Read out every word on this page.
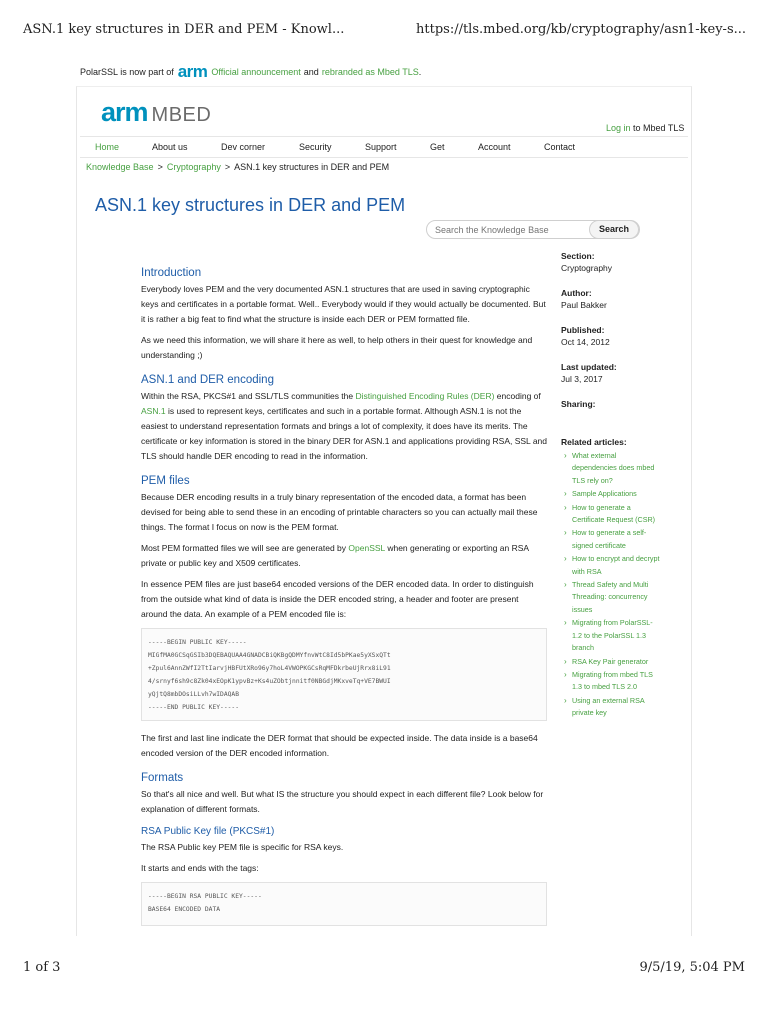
ASN.1 key structures in DER and PEM - Knowl...	https://tls.mbed.org/kb/cryptography/asn1-key-s...
PolarSSL is now part of arm Official announcement and rebranded as Mbed TLS .
arm MBED
Log in to Mbed TLS
Home	About us	Dev corner	Security	Support	Get	Account	Contact
Knowledge Base > Cryptography > ASN.1 key structures in DER and PEM
ASN.1 key structures in DER and PEM
Search the Knowledge Base
Search
Introduction

Everybody loves PEM and the very documented ASN.1 structures that are used in saving cryptographic keys and certificates in a portable format. Well.. Everybody would if they would actually be documented. But it is rather a big feat to find what the structure is inside each DER or PEM formatted file.

As we need this information, we will share it here as well, to help others in their quest for knowledge and understanding ;)

ASN.1 and DER encoding

Within the RSA, PKCS#1 and SSL/TLS communities the Distinguished Encoding Rules (DER) encoding of ASN.1 is used to represent keys, certificates and such in a portable format. Although ASN.1 is not the easiest to understand representation formats and brings a lot of complexity, it does have its merits. The certificate or key information is stored in the binary DER for ASN.1 and applications providing RSA, SSL and TLS should handle DER encoding to read in the information.

PEM files

Because DER encoding results in a truly binary representation of the encoded data, a format has been devised for being able to send these in an encoding of printable characters so you can actually mail these things. The format I focus on now is the PEM format.

Most PEM formatted files we will see are generated by OpenSSL when generating or exporting an RSA private or public key and X509 certificates.

In essence PEM files are just base64 encoded versions of the DER encoded data. In order to distinguish from the outside what kind of data is inside the DER encoded string, a header and footer are present around the data. An example of a PEM encoded file is:

-----BEGIN PUBLIC KEY-----
MIGfMA0GCSqGSIb3DQEBAQUAA4GNADCBiQKBgQDMYfnvWtC8Id5bPKae5yXSxQTt
+Zpul6AnnZWfI2TtIarvjHBFUtXRo96y7hoL4VWOPKGCsRqMFDkrbeUjRrx8iL91
4/srnyf6sh9c8Zk04xEOpK1ypvBz+Ks4uZObtjnnitf0NBGdjMKxveTq+VE7BWUI
yQjtQ8mbDOsiLLvh7wIDAQAB
-----END PUBLIC KEY-----

The first and last line indicate the DER format that should be expected inside. The data inside is a base64 encoded version of the DER encoded information.

Formats

So that's all nice and well. But what IS the structure you should expect in each different file? Look below for explanation of different formats.

RSA Public Key file (PKCS#1)

The RSA Public key PEM file is specific for RSA keys.

It starts and ends with the tags:

-----BEGIN RSA PUBLIC KEY-----
BASE64 ENCODED DATA
Section:
Cryptography
Author:
Paul Bakker
Published:
Oct 14, 2012
Last updated:
Jul 3, 2017
Sharing:
Related articles:
› What external dependencies does mbed TLS rely on?
› Sample Applications
› How to generate a Certificate Request (CSR)
› How to generate a self-signed certificate
› How to encrypt and decrypt with RSA
› Thread Safety and Multi Threading: concurrency issues
› Migrating from PolarSSL-1.2 to the PolarSSL 1.3 branch
› RSA Key Pair generator
› Migrating from mbed TLS 1.3 to mbed TLS 2.0
› Using an external RSA private key
1 of 3	9/5/19, 5:04 PM
